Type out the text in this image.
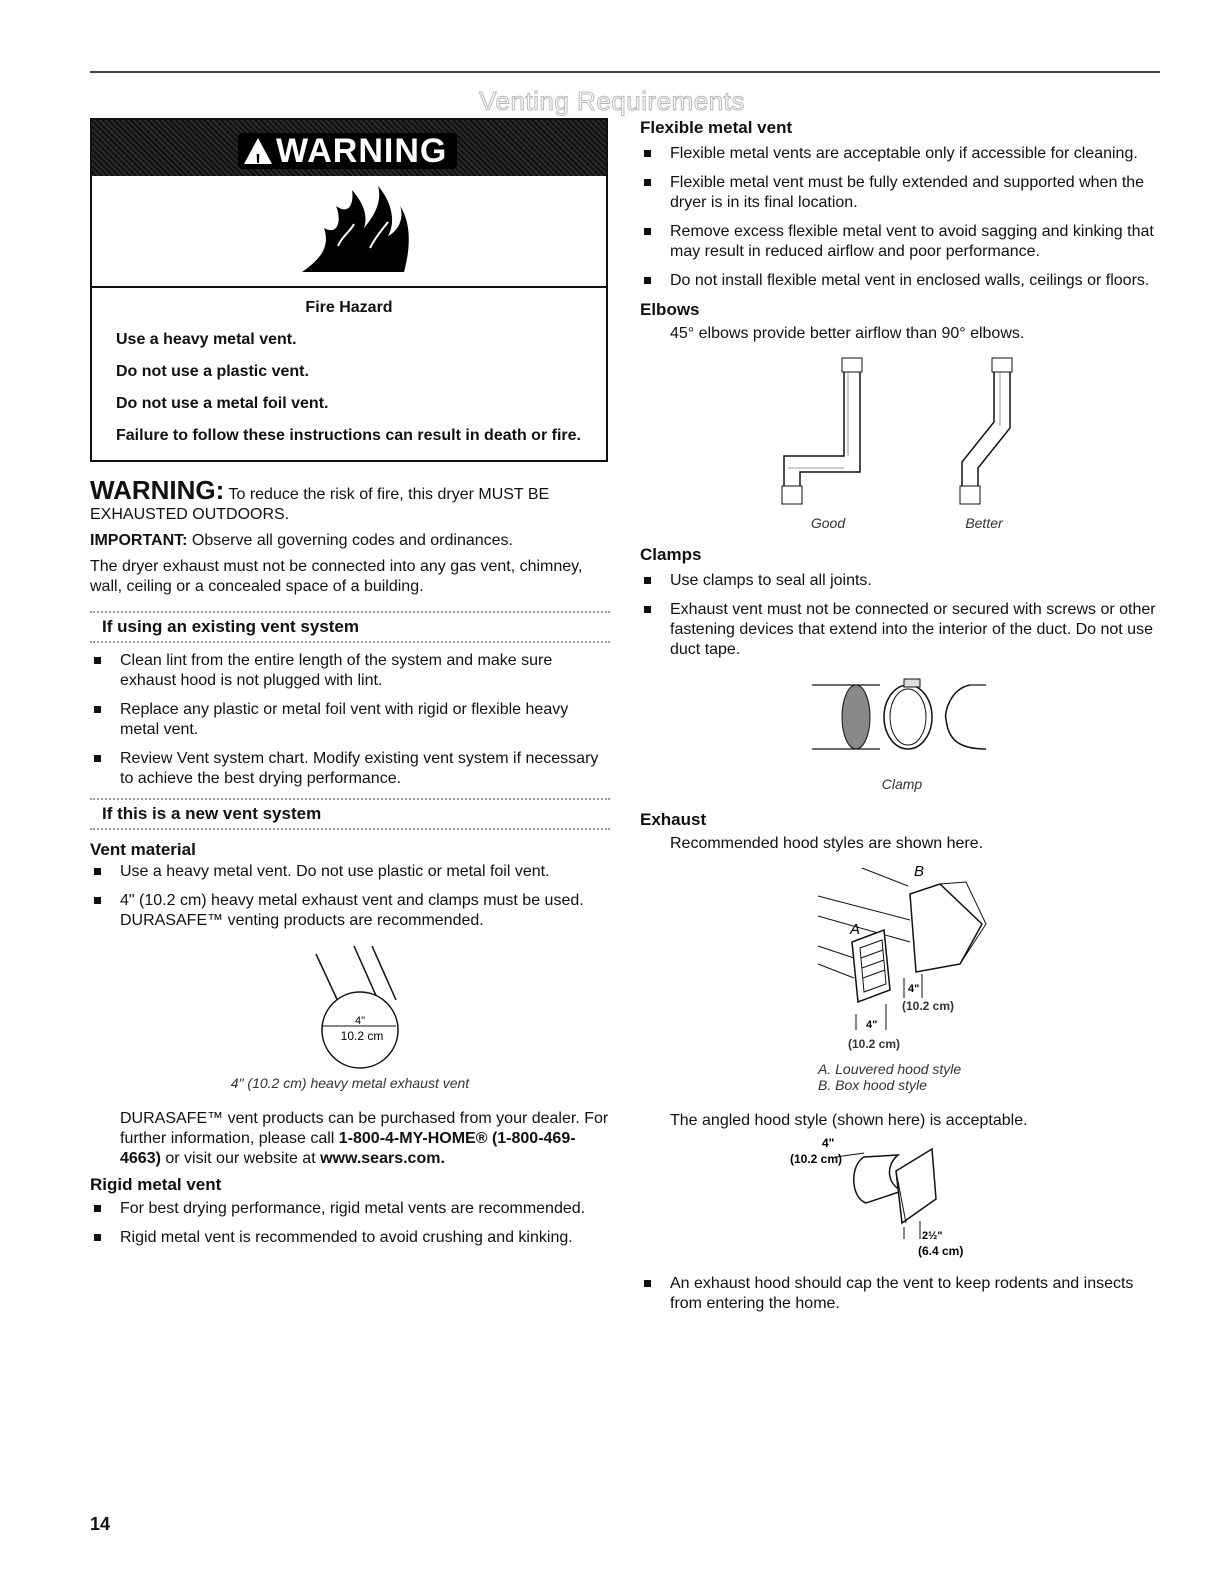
Venting Requirements
!
WARNING

Fire Hazard

Use a heavy metal vent.

Do not use a plastic vent.

Do not use a metal foil vent.

Failure to follow these instructions can result in death or fire.

WARNING: To reduce the risk of fire, this dryer MUST BE EXHAUSTED OUTDOORS.

IMPORTANT: Observe all governing codes and ordinances.

The dryer exhaust must not be connected into any gas vent, chimney, wall, ceiling or a concealed space of a building.

If using an existing vent system
Clean lint from the entire length of the system and make sure exhaust hood is not plugged with lint.
Replace any plastic or metal foil vent with rigid or flexible heavy metal vent.
Review Vent system chart. Modify existing vent system if necessary to achieve the best drying performance.
If this is a new vent system
Vent material
Use a heavy metal vent. Do not use plastic or metal foil vent.
4" (10.2 cm) heavy metal exhaust vent and clamps must be used. DURASAFE™ venting products are recommended.
4"
10.2 cm
4" (10.2 cm) heavy metal exhaust vent

DURASAFE™ vent products can be purchased from your dealer. For further information, please call 1-800-4-MY-HOME® (1-800-469-4663) or visit our website at www.sears.com.

Rigid metal vent
For best drying performance, rigid metal vents are recommended.
Rigid metal vent is recommended to avoid crushing and kinking.
Flexible metal vent
Flexible metal vents are acceptable only if accessible for cleaning.
Flexible metal vent must be fully extended and supported when the dryer is in its final location.
Remove excess flexible metal vent to avoid sagging and kinking that may result in reduced airflow and poor performance.
Do not install flexible metal vent in enclosed walls, ceilings or floors.
Elbows

45° elbows provide better airflow than 90° elbows.

Good	Better
Clamps
Use clamps to seal all joints.
Exhaust vent must not be connected or secured with screws or other fastening devices that extend into the interior of the duct. Do not use duct tape.
Clamp
Exhaust

Recommended hood styles are shown here.

B
A
4"
(10.2 cm)
4"
(10.2 cm)
A. Louvered hood style
B. Box hood style

The angled hood style (shown here) is acceptable.

4"
(10.2 cm)
2½"
(6.4 cm)
An exhaust hood should cap the vent to keep rodents and insects from entering the home.
14
